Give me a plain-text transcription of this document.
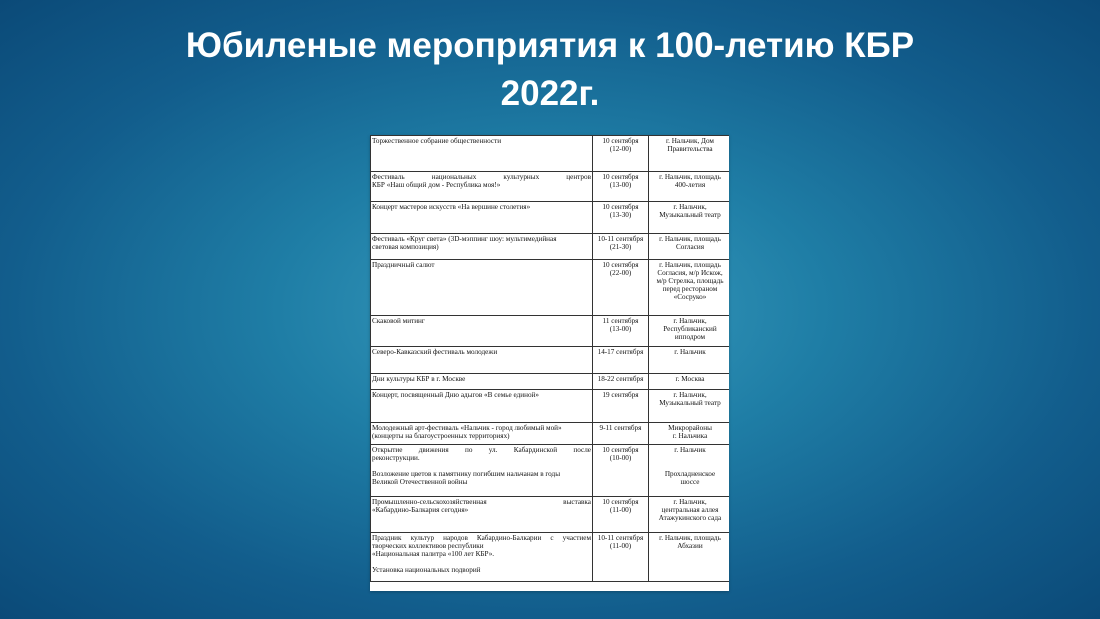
Юбиленые мероприятия к 100-летию КБР
2022г.
Торжественное собрание общественности	10 сентября
(12-00)	г. Нальчик, Дом
Правительства

Фестиваль национальных культурных центров
КБР «Наш общий дом - Республика моя!»	10 сентября
(13-00)	г. Нальчик, площадь
400-летия

Концерт мастеров искусств «На вершине столетия»	10 сентября
(13-30)	г. Нальчик,
Музыкальный театр

Фестиваль «Круг света» (3D-мэппинг шоу: мультимедийная
световая композиция)	10-11 сентября
(21-30)	г. Нальчик, площадь
Согласия

Праздничный салют	10 сентября
(22-00)	г. Нальчик, площадь
Согласия, м/р Искож,
м/р Стрелка, площадь
перед рестораном
«Сосруко»

Скаковой митинг	11 сентября
(13-00)	г. Нальчик,
Республиканский
ипподром

Северо-Кавказский фестиваль молодежи	14-17 сентября	г. Нальчик

Дни культуры КБР в г. Москве	18-22 сентября	г. Москва

Концерт, посвященный Дню адыгов «В семье единой»	19 сентября	г. Нальчик,
Музыкальный театр

Молодежный арт-фестиваль «Нальчик - город любимый мой»
(концерты на благоустроенных территориях)	9-11 сентября	Микрорайоны
г. Нальчика

Открытие движения по ул. Кабардинской после
реконструкции.
Возложение цветов к памятнику погибшим нальчанам в годы
Великой Отечественной войны	10 сентября
(10-00)	г. Нальчик
Прохладненское
шоссе

Промышленно-сельскохозяйственная выставка
«Кабардино-Балкария сегодня»	10 сентября
(11-00)	г. Нальчик,
центральная аллея
Атажукинского сада

Праздник культур народов Кабардино-Балкарии с участием
творческих коллективов республики
«Национальная палитра «100 лет КБР».
Установка национальных подворий	10-11 сентября
(11-00)	г. Нальчик, площадь
Абхазии
